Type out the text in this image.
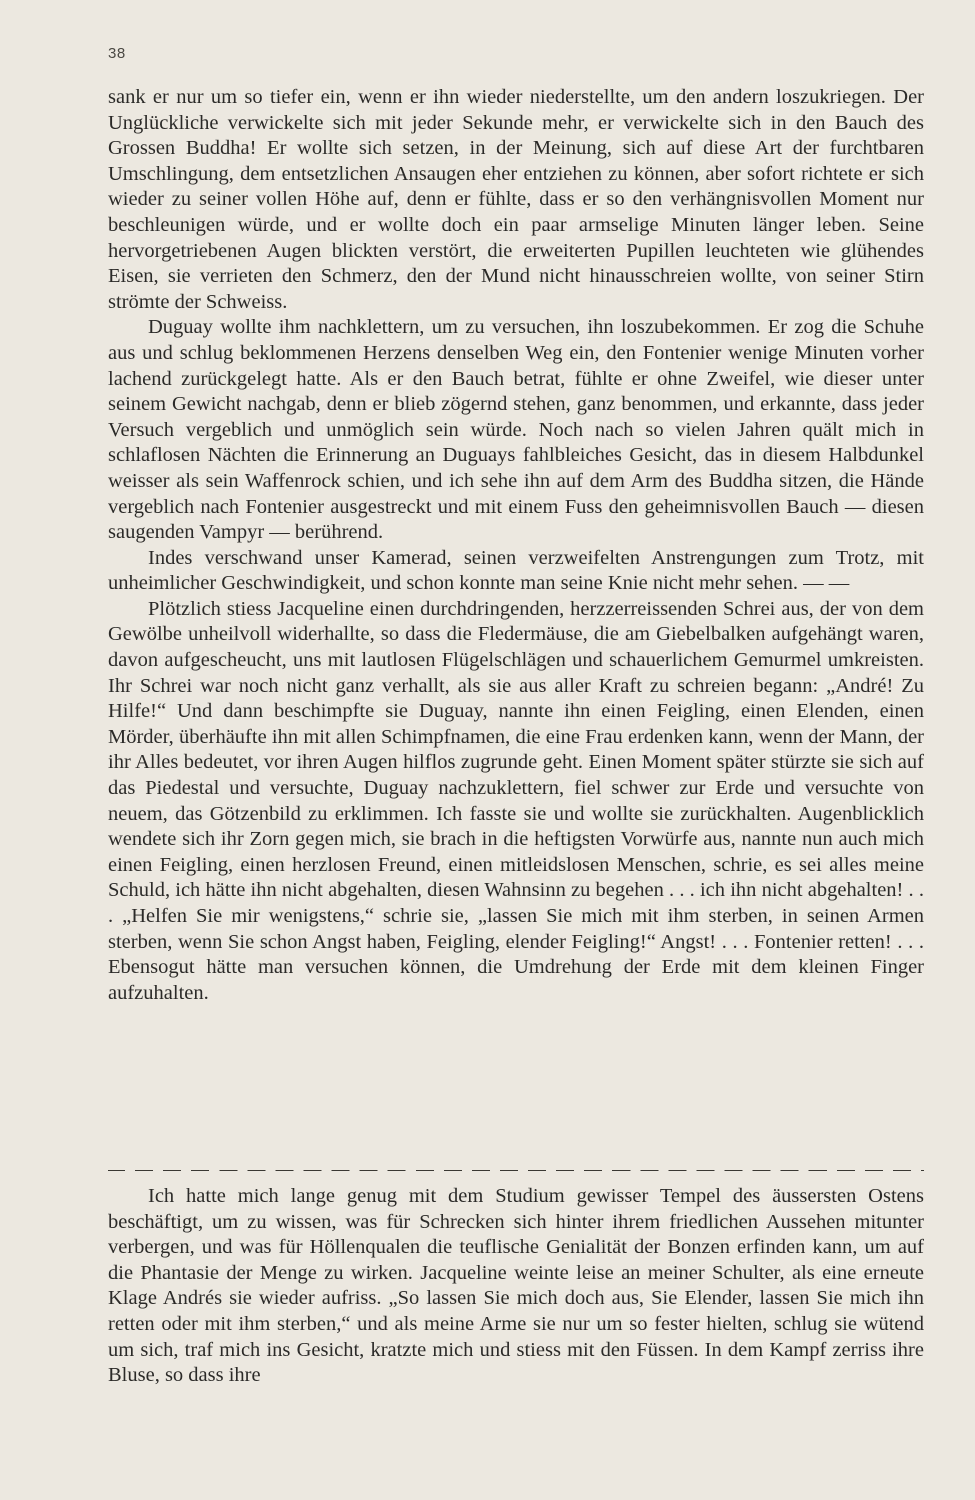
38

sank er nur um so tiefer ein, wenn er ihn wieder niederstellte, um den andern loszukriegen. Der Unglückliche verwickelte sich mit jeder Sekunde mehr, er verwickelte sich in den Bauch des Grossen Buddha! Er wollte sich setzen, in der Meinung, sich auf diese Art der furchtbaren Umschlingung, dem entsetzlichen Ansaugen eher entziehen zu können, aber sofort richtete er sich wieder zu seiner vollen Höhe auf, denn er fühlte, dass er so den verhängnisvollen Moment nur beschleunigen würde, und er wollte doch ein paar armselige Minuten länger leben. Seine hervorgetriebenen Augen blickten verstört, die erweiterten Pupillen leuchteten wie glühendes Eisen, sie verrieten den Schmerz, den der Mund nicht hinausschreien wollte, von seiner Stirn strömte der Schweiss.

Duguay wollte ihm nachklettern, um zu versuchen, ihn loszubekommen. Er zog die Schuhe aus und schlug beklommenen Herzens denselben Weg ein, den Fontenier wenige Minuten vorher lachend zurückgelegt hatte. Als er den Bauch betrat, fühlte er ohne Zweifel, wie dieser unter seinem Gewicht nachgab, denn er blieb zögernd stehen, ganz benommen, und erkannte, dass jeder Versuch vergeblich und unmöglich sein würde. Noch nach so vielen Jahren quält mich in schlaflosen Nächten die Erinnerung an Duguays fahlbleiches Gesicht, das in diesem Halbdunkel weisser als sein Waffenrock schien, und ich sehe ihn auf dem Arm des Buddha sitzen, die Hände vergeblich nach Fontenier ausgestreckt und mit einem Fuss den geheimnisvollen Bauch — diesen saugenden Vampyr — berührend.

Indes verschwand unser Kamerad, seinen verzweifelten Anstrengungen zum Trotz, mit unheimlicher Geschwindigkeit, und schon konnte man seine Knie nicht mehr sehen. — —

Plötzlich stiess Jacqueline einen durchdringenden, herzzerreissenden Schrei aus, der von dem Gewölbe unheilvoll widerhallte, so dass die Fledermäuse, die am Giebelbalken aufgehängt waren, davon aufgescheucht, uns mit lautlosen Flügelschlägen und schauerlichem Gemurmel umkreisten. Ihr Schrei war noch nicht ganz verhallt, als sie aus aller Kraft zu schreien begann: „André! Zu Hilfe!“ Und dann beschimpfte sie Duguay, nannte ihn einen Feigling, einen Elenden, einen Mörder, überhäufte ihn mit allen Schimpfnamen, die eine Frau erdenken kann, wenn der Mann, der ihr Alles bedeutet, vor ihren Augen hilflos zugrunde geht. Einen Moment später stürzte sie sich auf das Piedestal und versuchte, Duguay nachzuklettern, fiel schwer zur Erde und versuchte von neuem, das Götzenbild zu erklimmen. Ich fasste sie und wollte sie zurückhalten. Augenblicklich wendete sich ihr Zorn gegen mich, sie brach in die heftigsten Vorwürfe aus, nannte nun auch mich einen Feigling, einen herzlosen Freund, einen mitleidslosen Menschen, schrie, es sei alles meine Schuld, ich hätte ihn nicht abgehalten, diesen Wahnsinn zu begehen . . . ich ihn nicht abgehalten! . . . „Helfen Sie mir wenigstens,“ schrie sie, „lassen Sie mich mit ihm sterben, in seinen Armen sterben, wenn Sie schon Angst haben, Feigling, elender Feigling!“ Angst! . . . Fontenier retten! . . . Ebensogut hätte man versuchen können, die Umdrehung der Erde mit dem kleinen Finger aufzuhalten.

Ich hatte mich lange genug mit dem Studium gewisser Tempel des äussersten Ostens beschäftigt, um zu wissen, was für Schrecken sich hinter ihrem friedlichen Aussehen mitunter verbergen, und was für Höllenqualen die teuflische Genialität der Bonzen erfinden kann, um auf die Phantasie der Menge zu wirken. Jacqueline weinte leise an meiner Schulter, als eine erneute Klage Andrés sie wieder aufriss. „So lassen Sie mich doch aus, Sie Elender, lassen Sie mich ihn retten oder mit ihm sterben,“ und als meine Arme sie nur um so fester hielten, schlug sie wütend um sich, traf mich ins Gesicht, kratzte mich und stiess mit den Füssen. In dem Kampf zerriss ihre Bluse, so dass ihre
